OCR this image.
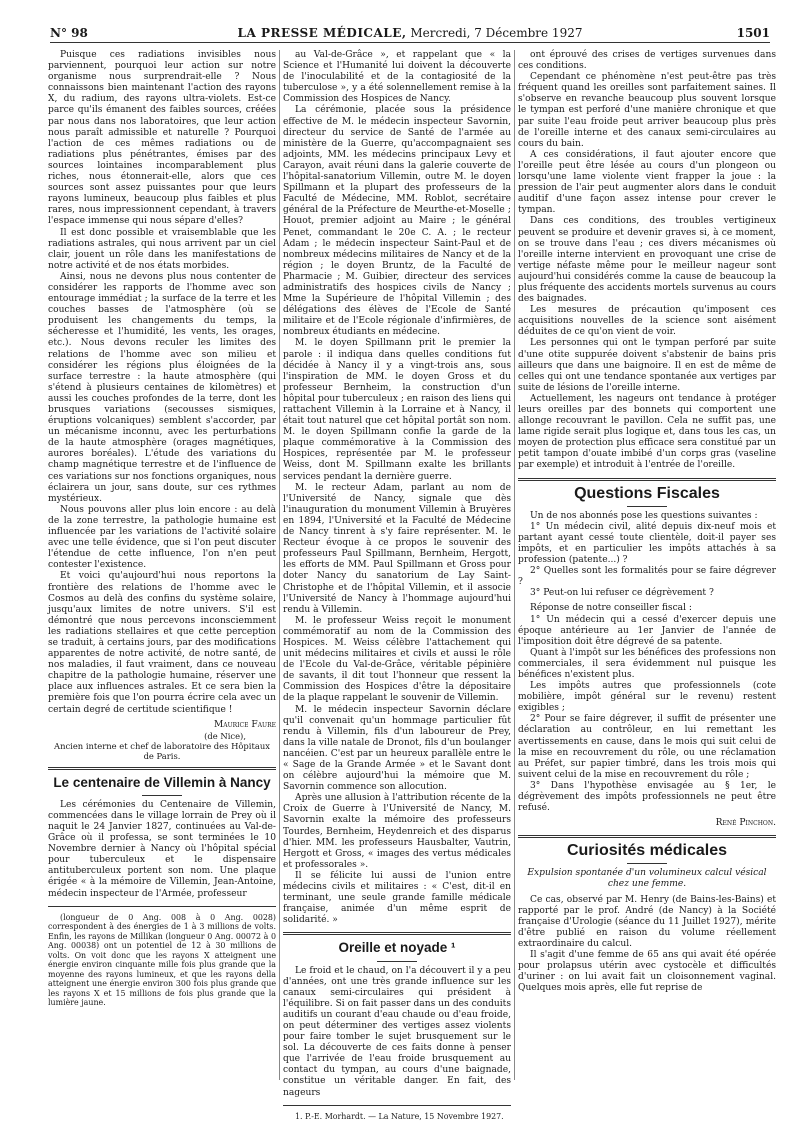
N° 98	LA PRESSE MÉDICALE, Mercredi, 7 Décembre 1927	1501

Puisque ces radiations invisibles nous parviennent, pourquoi leur action sur notre organisme nous surprendrait-elle ? Nous connaissons bien maintenant l'action des rayons X, du radium, des rayons ultra-violets. Est-ce parce qu'ils émanent des faibles sources, créées par nous dans nos laboratoires, que leur action nous paraît admissible et naturelle ? Pourquoi l'action de ces mêmes radiations ou de radiations plus pénétrantes, émises par des sources lointaines incomparablement plus riches, nous étonnerait-elle, alors que ces sources sont assez puissantes pour que leurs rayons lumineux, beaucoup plus faibles et plus rares, nous impressionnent cependant, à travers l'espace immense qui nous sépare d'elles?

Il est donc possible et vraisemblable que les radiations astrales, qui nous arrivent par un ciel clair, jouent un rôle dans les manifestations de notre activité et de nos états morbides.

Ainsi, nous ne devons plus nous contenter de considérer les rapports de l'homme avec son entourage immédiat ; la surface de la terre et les couches basses de l'atmosphère (où se produisent les changements du temps, la sécheresse et l'humidité, les vents, les orages, etc.). Nous devons reculer les limites des relations de l'homme avec son milieu et considérer les régions plus éloignées de la surface terrestre : la haute atmosphère (qui s'étend à plusieurs centaines de kilomètres) et aussi les couches profondes de la terre, dont les brusques variations (secousses sismiques, éruptions volcaniques) semblent s'accorder, par un mécanisme inconnu, avec les perturbations de la haute atmosphère (orages magnétiques, aurores boréales). L'étude des variations du champ magnétique terrestre et de l'influence de ces variations sur nos fonctions organiques, nous éclairera un jour, sans doute, sur ces rythmes mystérieux.

Nous pouvons aller plus loin encore : au delà de la zone terrestre, la pathologie humaine est influencée par les variations de l'activité solaire avec une telle évidence, que si l'on peut discuter l'étendue de cette influence, l'on n'en peut contester l'existence.

Et voici qu'aujourd'hui nous reportons la frontière des relations de l'homme avec le Cosmos au delà des confins du système solaire, jusqu'aux limites de notre univers. S'il est démontré que nous percevons inconsciemment les radiations stellaires et que cette perception se traduit, à certains jours, par des modifications apparentes de notre activité, de notre santé, de nos maladies, il faut vraiment, dans ce nouveau chapitre de la pathologie humaine, réserver une place aux influences astrales. Et ce sera bien la première fois que l'on pourra écrire cela avec un certain degré de certitude scientifique !

Maurice Faure

(de Nice),

Ancien interne et chef de laboratoire des Hôpitaux de Paris.

Le centenaire de Villemin à Nancy

Les cérémonies du Centenaire de Villemin, commencées dans le village lorrain de Prey où il naquit le 24 Janvier 1827, continuées au Val-de-Grâce où il professa, se sont terminées le 10 Novembre dernier à Nancy où l'hôpital spécial pour tuberculeux et le dispensaire antituberculeux portent son nom. Une plaque érigée « à la mémoire de Villemin, Jean-Antoine, médecin inspecteur de l'Armée, professeur

(longueur de 0 Ang. 008 à 0 Ang. 0028) correspondent à des énergies de 1 à 3 millions de volts. Enfin, les rayons de Millikan (longueur 0 Ang. 00072 à 0 Ang. 00038) ont un potentiel de 12 à 30 millions de volts. On voit donc que les rayons X atteignent une énergie environ cinquante mille fois plus grande que la moyenne des rayons lumineux, et que les rayons della atteignent une énergie environ 300 fois plus grande que les rayons X et 15 millions de fois plus grande que la lumière jaune.

au Val-de-Grâce », et rappelant que « la Science et l'Humanité lui doivent la découverte de l'inoculabilité et de la contagiosité de la tuberculose », y a été solennellement remise à la Commission des Hospices de Nancy.

La cérémonie, placée sous la présidence effective de M. le médecin inspecteur Savornin, directeur du service de Santé de l'armée au ministère de la Guerre, qu'accompagnaient ses adjoints, MM. les médecins principaux Levy et Carayon, avait réuni dans la galerie couverte de l'hôpital-sanatorium Villemin, outre M. le doyen Spillmann et la plupart des professeurs de la Faculté de Médecine, MM. Roblot, secrétaire général de la Préfecture de Meurthe-et-Moselle ; Houot, premier adjoint au Maire ; le général Penet, commandant le 20e C. A. ; le recteur Adam ; le médecin inspecteur Saint-Paul et de nombreux médecins militaires de Nancy et de la région ; le doyen Bruntz, de la Faculté de Pharmacie ; M. Guibier, directeur des services administratifs des hospices civils de Nancy ; Mme la Supérieure de l'hôpital Villemin ; des délégations des élèves de l'Ecole de Santé militaire et de l'Ecole régionale d'infirmières, de nombreux étudiants en médecine.

M. le doyen Spillmann prit le premier la parole : il indiqua dans quelles conditions fut décidée à Nancy il y a vingt-trois ans, sous l'inspiration de MM. le doyen Gross et du professeur Bernheim, la construction d'un hôpital pour tuberculeux ; en raison des liens qui rattachent Villemin à la Lorraine et à Nancy, il était tout naturel que cet hôpital portât son nom. M. le doyen Spillmann confie la garde de la plaque commémorative à la Commission des Hospices, représentée par M. le professeur Weiss, dont M. Spillmann exalte les brillants services pendant la dernière guerre.

M. le recteur Adam, parlant au nom de l'Université de Nancy, signale que dès l'inauguration du monument Villemin à Bruyères en 1894, l'Université et la Faculté de Médecine de Nancy tinrent à s'y faire représenter. M. le Recteur évoque à ce propos le souvenir des professeurs Paul Spillmann, Bernheim, Hergott, les efforts de MM. Paul Spillmann et Gross pour doter Nancy du sanatorium de Lay Saint-Christophe et de l'hôpital Villemin, et il associe l'Université de Nancy à l'hommage aujourd'hui rendu à Villemin.

M. le professeur Weiss reçoit le monument commémoratif au nom de la Commission des Hospices. M. Weiss célèbre l'attachement qui unit médecins militaires et civils et aussi le rôle de l'Ecole du Val-de-Grâce, véritable pépinière de savants, il dit tout l'honneur que ressent la Commission des Hospices d'être la dépositaire de la plaque rappelant le souvenir de Villemin.

M. le médecin inspecteur Savornin déclare qu'il convenait qu'un hommage particulier fût rendu à Villemin, fils d'un laboureur de Prey, dans la ville natale de Dronot, fils d'un boulanger nancéien. C'est par un heureux parallèle entre le « Sage de la Grande Armée » et le Savant dont on célèbre aujourd'hui la mémoire que M. Savornin commence son allocution.

Après une allusion à l'attribution récente de la Croix de Guerre à l'Université de Nancy, M. Savornin exalte la mémoire des professeurs Tourdes, Bernheim, Heydenreich et des disparus d'hier. MM. les professeurs Hausbalter, Vautrin, Hergott et Gross, « images des vertus médicales et professorales ».

Il se félicite lui aussi de l'union entre médecins civils et militaires : « C'est, dit-il en terminant, une seule grande famille médicale française, animée d'un même esprit de solidarité. »

Oreille et noyade ¹

Le froid et le chaud, on l'a découvert il y a peu d'années, ont une très grande influence sur les canaux semi-circulaires qui président à l'équilibre. Si on fait passer dans un des conduits auditifs un courant d'eau chaude ou d'eau froide, on peut déterminer des vertiges assez violents pour faire tomber le sujet brusquement sur le sol. La découverte de ces faits donne à penser que l'arrivée de l'eau froide brusquement au contact du tympan, au cours d'une baignade, constitue un véritable danger. En fait, des nageurs

1. P.-E. Morhardt. — La Nature, 15 Novembre 1927.

ont éprouvé des crises de vertiges survenues dans ces conditions.

Cependant ce phénomène n'est peut-être pas très fréquent quand les oreilles sont parfaitement saines. Il s'observe en revanche beaucoup plus souvent lorsque le tympan est perforé d'une manière chronique et que par suite l'eau froide peut arriver beaucoup plus près de l'oreille interne et des canaux semi-circulaires au cours du bain.

A ces considérations, il faut ajouter encore que l'oreille peut être lésée au cours d'un plongeon ou lorsqu'une lame violente vient frapper la joue : la pression de l'air peut augmenter alors dans le conduit auditif d'une façon assez intense pour crever le tympan.

Dans ces conditions, des troubles vertigineux peuvent se produire et devenir graves si, à ce moment, on se trouve dans l'eau ; ces divers mécanismes où l'oreille interne intervient en provoquant une crise de vertige néfaste même pour le meilleur nageur sont aujourd'hui considérés comme la cause de beaucoup la plus fréquente des accidents mortels survenus au cours des baignades.

Les mesures de précaution qu'imposent ces acquisitions nouvelles de la science sont aisément déduites de ce qu'on vient de voir.

Les personnes qui ont le tympan perforé par suite d'une otite suppurée doivent s'abstenir de bains pris ailleurs que dans une baignoire. Il en est de même de celles qui ont une tendance spontanée aux vertiges par suite de lésions de l'oreille interne.

Actuellement, les nageurs ont tendance à protéger leurs oreilles par des bonnets qui comportent une allonge recouvrant le pavillon. Cela ne suffit pas, une lame rigide serait plus logique et, dans tous les cas, un moyen de protection plus efficace sera constitué par un petit tampon d'ouate imbibé d'un corps gras (vaseline par exemple) et introduit à l'entrée de l'oreille.

Questions Fiscales

Un de nos abonnés pose les questions suivantes :

1° Un médecin civil, alité depuis dix-neuf mois et partant ayant cessé toute clientèle, doit-il payer ses impôts, et en particulier les impôts attachés à sa profession (patente...) ?

2° Quelles sont les formalités pour se faire dégrever ?

3° Peut-on lui refuser ce dégrèvement ?

Réponse de notre conseiller fiscal :

1° Un médecin qui a cessé d'exercer depuis une époque antérieure au 1er Janvier de l'année de l'imposition doit être dégrevé de sa patente.

Quant à l'impôt sur les bénéfices des professions non commerciales, il sera évidemment nul puisque les bénéfices n'existent plus.

Les impôts autres que professionnels (cote mobilière, impôt général sur le revenu) restent exigibles ;

2° Pour se faire dégrever, il suffit de présenter une déclaration au contrôleur, en lui remettant les avertissements en cause, dans le mois qui suit celui de la mise en recouvrement du rôle, ou une réclamation au Préfet, sur papier timbré, dans les trois mois qui suivent celui de la mise en recouvrement du rôle ;

3° Dans l'hypothèse envisagée au § 1er, le dégrèvement des impôts professionnels ne peut être refusé.

René Pinchon.

Curiosités médicales

Expulsion spontanée d'un volumineux calcul vésical chez une femme.

Ce cas, observé par M. Henry (de Bains-les-Bains) et rapporté par le prof. André (de Nancy) à la Société française d'Urologie (séance du 11 Juillet 1927), mérite d'être publié en raison du volume réellement extraordinaire du calcul.

Il s'agit d'une femme de 65 ans qui avait été opérée pour prolapsus utérin avec cystocèle et difficultés d'uriner : on lui avait fait un cloisonnement vaginal. Quelques mois après, elle fut reprise de
